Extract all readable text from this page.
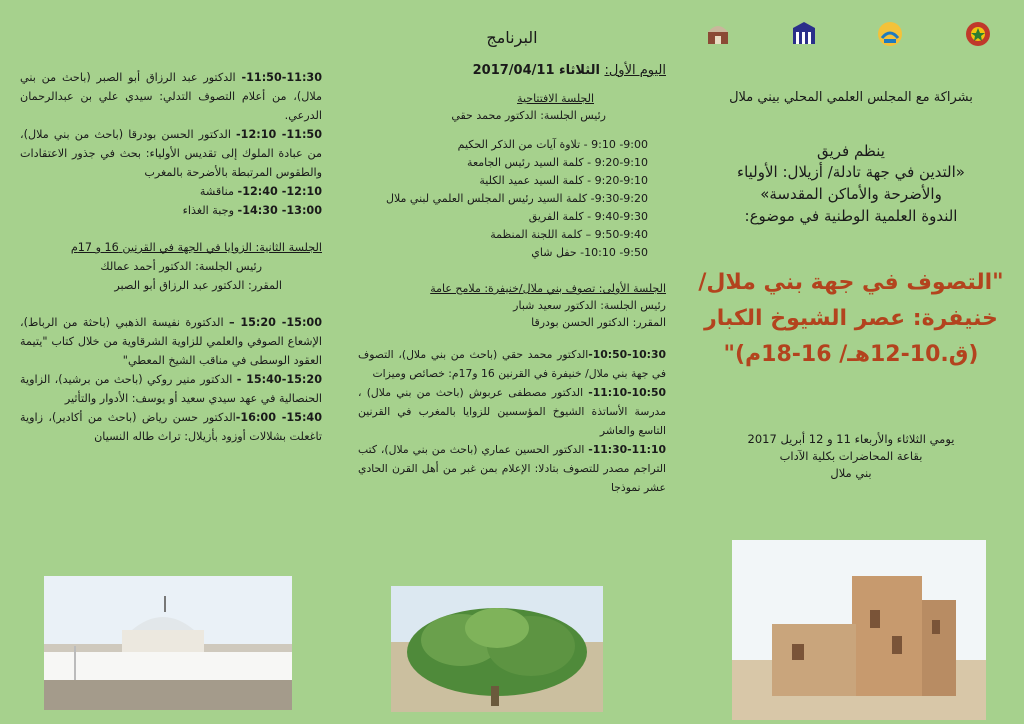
11:50-11:30- الدكتور عبد الرزاق أبو الصبر (باحث من بني ملال)، من أعلام التصوف التدلي: سيدي علي بن عبدالرحمان الدرعي.

11:50- 12:10- الدكتور الحسن بودرقا (باحث من بني ملال)، من عبادة الملوك إلى تقديس الأولياء: بحث في جذور الاعتقادات والطقوس المرتبطة بالأضرحة بالمغرب

12:10- 12:40- مناقشة

13:00- 14:30- وجبة الغذاء

الجلسة الثانية: الزوايا في الجهة في القرنين 16 و 17م

رئيس الجلسة: الدكتور أحمد عمالك

المقرر: الدكتور عبد الرزاق أبو الصبر

15:00- 15:20 – الدكتورة نفيسة الذهبي (باحثة من الرباط)، الإشعاع الصوفي والعلمي للزاوية الشرقاوية من خلال كتاب "يتيمة العقود الوسطى في مناقب الشيخ المعطي"

15:40-15:20 - الدكتور منير روكي (باحث من برشيد)، الزاوية الحنصالية في عهد سيدي سعيد أو يوسف: الأدوار والتأثير

15:40- 16:00-الدكتور حسن رياض (باحث من أكادير)، زاوية تاغعلت بشلالات أوزود بأزيلال: تراث طاله النسيان

البرنامج

اليوم الأول: الثلاثاء 2017/04/11

الجلسة الافتتاحية

رئيس الجلسة: الدكتور محمد حقي

9:00- 9:10 - تلاوة آيات من الذكر الحكيم

9:20-9:10 - كلمة السيد رئيس الجامعة

9:20-9:10 - كلمة السيد عميد الكلية

9:30-9:20- كلمة السيد رئيس المجلس العلمي لبني ملال

9:40-9:30 - كلمة الفريق

9:50-9:40 – كلمة اللجنة المنظمة

9:50- 10:10- حفل شاي

الجلسة الأولى: تصوف بني ملال/خنيفرة: ملامح عامة

رئيس الجلسة: الدكتور سعيد شبار

المقرر: الدكتور الحسن بودرقا

10:50-10:30-الدكتور محمد حقي (باحث من بني ملال)، التصوف في جهة بني ملال/ خنيفرة في القرنين 16 و17م: خصائص وميزات

11:10-10:50- الدكتور مصطفى عربوش (باحث من بني ملال) ، مدرسة الأساتذة الشيوخ المؤسسين للزوايا بالمغرب في القرنين التاسع والعاشر

11:30-11:10- الدكتور الحسين عماري (باحث من بني ملال)، كتب التراجم مصدر للتصوف بتادلا: الإعلام بمن غبر من أهل القرن الحادي عشر نموذجا

بشراكة مع المجلس العلمي المحلي بيني ملال
ينظم فريق
«التدين في جهة تادلة/ أزيلال: الأولياء
والأضرحة والأماكن المقدسة»
الندوة العلمية الوطنية في موضوع:
"التصوف في جهة بني ملال/
خنيفرة: عصر الشيوخ الكبار
(ق.10-12هـ/ 16-18م)"
يومي الثلاثاء والأربعاء 11 و 12 أبريل 2017
بقاعة المحاضرات بكلية الآداب
بني ملال
